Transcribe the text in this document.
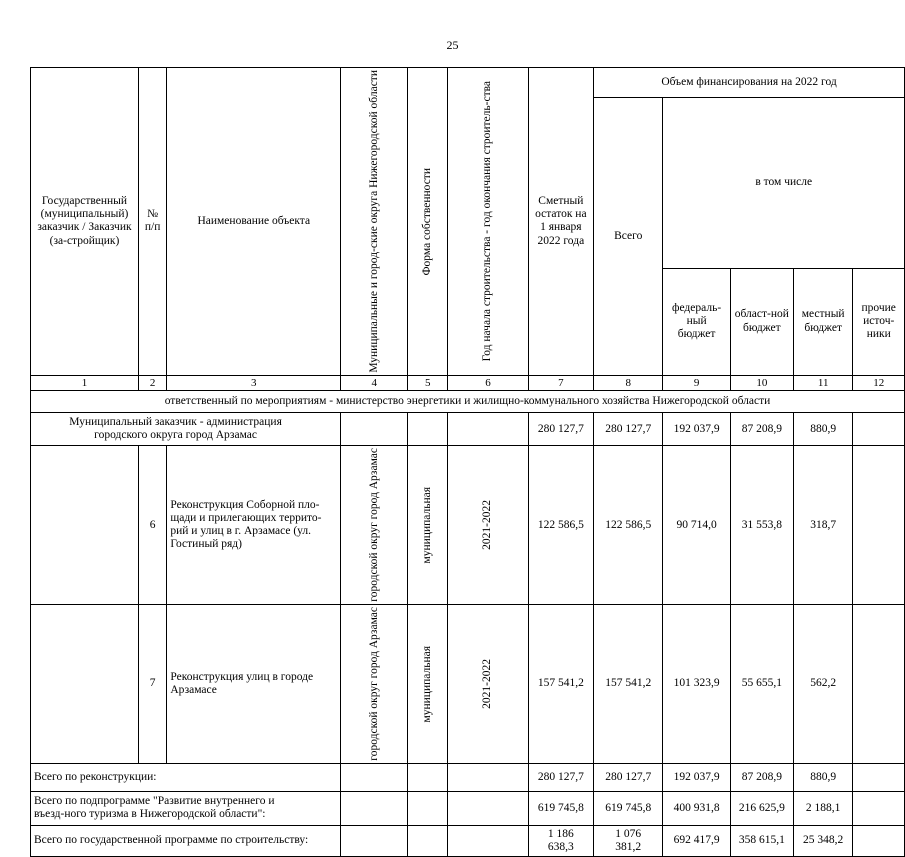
25
Государственный (муниципальный) заказчик / Заказчик (за-стройщик)	№ п/п	Наименование объекта	Муниципальные и город-ские округа Нижегородской области	Форма собственности	Год начала строительства - год окончания строитель-ства	Сметный остаток на 1 января 2022 года	Объем финансирования на 2022 год				
							Всего	в том числе			
								федераль-ный бюджет	област-ной бюджет	местный бюджет	прочие источ-ники
1	2	3	4	5	6	7	8	9	10	11	12
ответственный по мероприятиям - министерство энергетики и жилищно-коммунального хозяйства Нижегородской области											
Муниципальный заказчик - администрация городского округа город Арзамас						280 127,7	280 127,7	192 037,9	87 208,9	880,9	
	6	Реконструкция Соборной пло-щади и прилегающих террито-рий и улиц в г. Арзамасе (ул. Гостиный ряд)	городской округ город Арзамас	муниципальная	2021-2022	122 586,5	122 586,5	90 714,0	31 553,8	318,7	
	7	Реконструкция улиц в городе Арзамасе	городской округ город Арзамас	муниципальная	2021-2022	157 541,2	157 541,2	101 323,9	55 655,1	562,2	
Всего по реконструкции:						280 127,7	280 127,7	192 037,9	87 208,9	880,9	
Всего по подпрограмме "Развитие внутреннего и въезд-ного туризма в Нижегородской области":						619 745,8	619 745,8	400 931,8	216 625,9	2 188,1	
Всего по государственной программе по строительству:						1 186 638,3	1 076 381,2	692 417,9	358 615,1	25 348,2	
